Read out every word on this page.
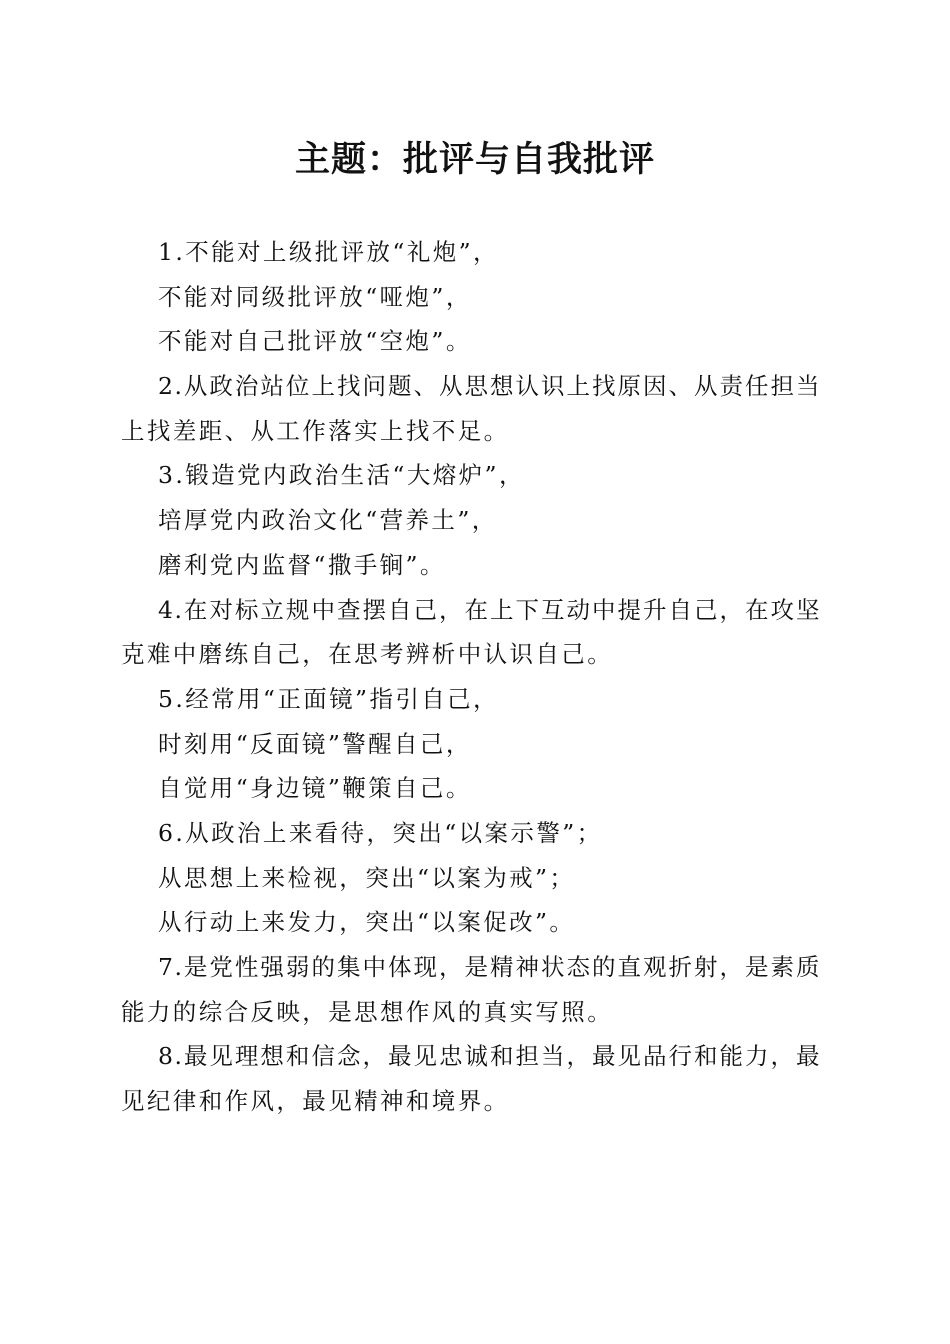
主题：批评与自我批评
1.不能对上级批评放“礼炮”，
不能对同级批评放“哑炮”，
不能对自己批评放“空炮”。
2.从政治站位上找问题、从思想认识上找原因、从责任担当
上找差距、从工作落实上找不足。
3.锻造党内政治生活“大熔炉”，
培厚党内政治文化“营养土”，
磨利党内监督“撒手锏”。
4.在对标立规中查摆自己，在上下互动中提升自己，在攻坚
克难中磨练自己，在思考辨析中认识自己。
5.经常用“正面镜”指引自己，
时刻用“反面镜”警醒自己，
自觉用“身边镜”鞭策自己。
6.从政治上来看待，突出“以案示警”；
从思想上来检视，突出“以案为戒”；
从行动上来发力，突出“以案促改”。
7.是党性强弱的集中体现，是精神状态的直观折射，是素质
能力的综合反映，是思想作风的真实写照。
8.最见理想和信念，最见忠诚和担当，最见品行和能力，最
见纪律和作风，最见精神和境界。
